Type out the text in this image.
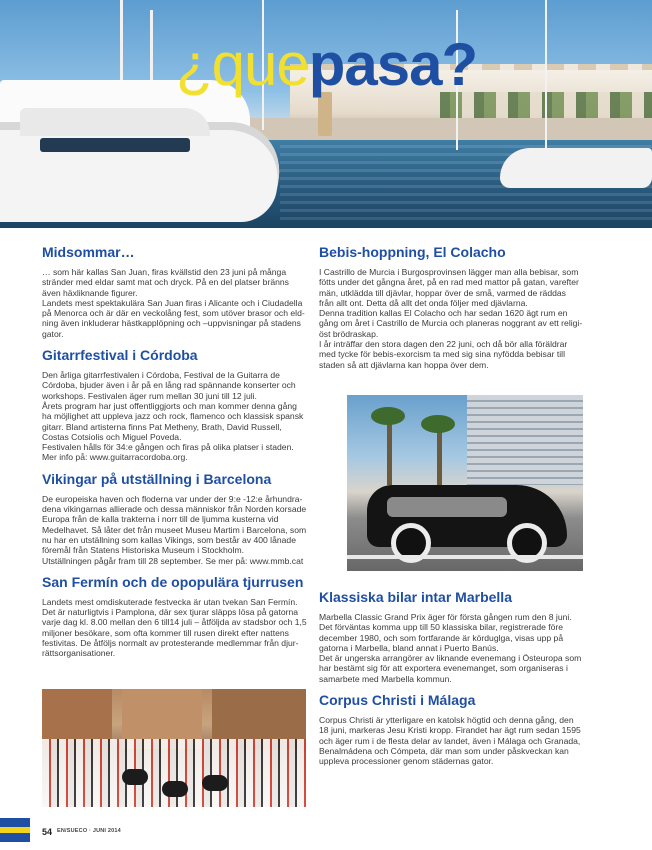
¿quepasa?
Midsommar…

… som här kallas San Juan, firas kvällstid den 23 juni på många stränder med eldar samt mat och dryck. På en del platser bränns även häxliknande figurer.
Landets mest spektakulära San Juan firas i Alicante och i Ciudadella på Menorca och är där en veckolång fest, som utöver brasor och eld-ning även inkluderar hästkapplöpning och –uppvisningar på stadens gator.

Gitarrfestival i Córdoba

Den årliga gitarrfestivalen i Córdoba, Festival de la Guitarra de Córdoba, bjuder även i år på en lång rad spännande konserter och workshops. Festivalen äger rum mellan 30 juni till 12 juli.
Årets program har just offentliggjorts och man kommer denna gång ha möjlighet att uppleva jazz och rock, flamenco och klassisk spansk gitarr. Bland artisterna finns Pat Metheny, Brath, David Russell, Costas Cotsiolis och Miguel Poveda.
Festivalen hålls för 34:e gången och firas på olika platser i staden. Mer info på: www.guitarracordoba.org.

Vikingar på utställning i Barcelona

De europeiska haven och floderna var under der 9:e -12:e århundra-dena vikingarnas allierade och dessa människor från Norden korsade Europa från de kalla trakterna i norr till de ljumma kusterna vid Medelhavet. Så låter det från museet Museu Martim i Barcelona, som nu har en utställning som kallas Vikings, som består av 400 lånade föremål från Statens Historiska Museum i Stockholm.
Utställningen pågår fram till 28 september. Se mer på: www.mmb.cat

San Fermín och de opopulära tjurrusen

Landets mest omdiskuterade festvecka är utan tvekan San Fermín. Det är naturligtvis i Pamplona, där sex tjurar släpps lösa på gatorna varje dag kl. 8.00 mellan den 6 till14 juli – åtföljda av stadsbor och 1,5 miljoner besökare, som ofta kommer till rusen direkt efter nattens festivitas. De åtföljs normalt av protesterande medlemmar från djur-rättsorganisationer.

Bebis-hoppning, El Colacho

I Castrillo de Murcia i Burgosprovinsen lägger man alla bebisar, som fötts under det gångna året, på en rad med mattor på gatan, varefter män, utklädda till djävlar, hoppar över de små, varmed de räddas från allt ont. Detta då allt det onda följer med djävlarna.
Denna tradition kallas El Colacho och har sedan 1620 ägt rum en gång om året i Castrillo de Murcia och planeras noggrant av ett religi-öst brödraskap.
I år inträffar den stora dagen den 22 juni, och då bör alla föräldrar med tycke för bebis-exorcism ta med sig sina nyfödda bebisar till staden så att djävlarna kan hoppa över dem.

Klassiska bilar intar Marbella

Marbella Classic Grand Prix äger för första gången rum den 8 juni. Det förväntas komma upp till 50 klassiska bilar, registrerade före december 1980, och som fortfarande är körduglga, visas upp på gatorna i Marbella, bland annat i Puerto Banús.
Det är ungerska arrangörer av liknande evenemang i Östeuropa som har bestämt sig för att exportera evenemanget, som organiseras i samarbete med Marbella kommun.

Corpus Christi i Málaga

Corpus Christi är ytterligare en katolsk högtid och denna gång, den 18 juni, markeras Jesu Kristi kropp. Firandet har ägt rum sedan 1595 och äger rum i de flesta delar av landet, även i Málaga och Granada, Benalmádena och Cómpeta, där man som under påskveckan kan uppleva processioner genom städernas gator.

54 EN/SUECO · JUNI 2014
